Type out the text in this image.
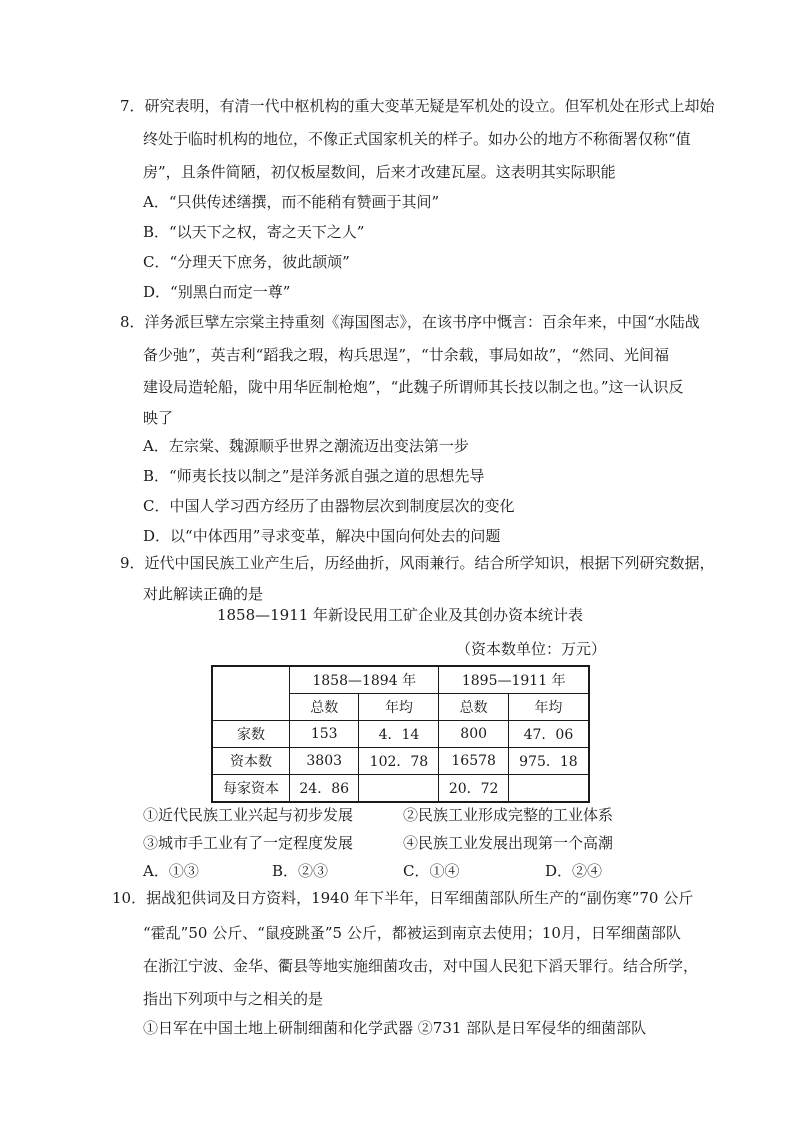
7．研究表明，有清一代中枢机构的重大变革无疑是军机处的设立。但军机处在形式上却始
终处于临时机构的地位，不像正式国家机关的样子。如办公的地方不称衙署仅称“值
房”，且条件简陋，初仅板屋数间，后来才改建瓦屋。这表明其实际职能
A．“只供传述缮撰，而不能稍有赞画于其间”
B．“以天下之权，寄之天下之人”
C．“分理天下庶务，彼此颉颃”
D．“别黑白而定一尊”
8．洋务派巨擘左宗棠主持重刻《海国图志》，在该书序中慨言：百余年来，中国“水陆战
备少弛”，英吉利“蹈我之瑕，构兵思逞”，“廿余载，事局如故”，“然同、光间福
建设局造轮船，陇中用华匠制枪炮”，“此魏子所谓师其长技以制之也。”这一认识反
映了
A．左宗棠、魏源顺乎世界之潮流迈出变法第一步
B．“师夷长技以制之”是洋务派自强之道的思想先导
C．中国人学习西方经历了由器物层次到制度层次的变化
D．以“中体西用”寻求变革，解决中国向何处去的问题
9．近代中国民族工业产生后，历经曲折，风雨兼行。结合所学知识，根据下列研究数据，
对此解读正确的是
1858—1911 年新设民用工矿企业及其创办资本统计表
（资本数单位：万元）
	1858—1894 年		1895—1911 年	
	总数	年均	总数	年均
家数	153	4．14	800	47．06
资本数	3803	102．78	16578	975．18
每家资本	24．86		20．72	
①近代民族工业兴起与初步发展	②民族工业形成完整的工业体系
③城市手工业有了一定程度发展	④民族工业发展出现第一个高潮
A．①③	B．②③	C．①④	D．②④
10．据战犯供词及日方资料，1940 年下半年，日军细菌部队所生产的“副伤寒”70 公斤
“霍乱”50 公斤、“鼠疫跳蚤”5 公斤，都被运到南京去使用；10月，日军细菌部队
在浙江宁波、金华、衢县等地实施细菌攻击，对中国人民犯下滔天罪行。结合所学，
指出下列项中与之相关的是
①日军在中国土地上研制细菌和化学武器 ②731 部队是日军侵华的细菌部队
